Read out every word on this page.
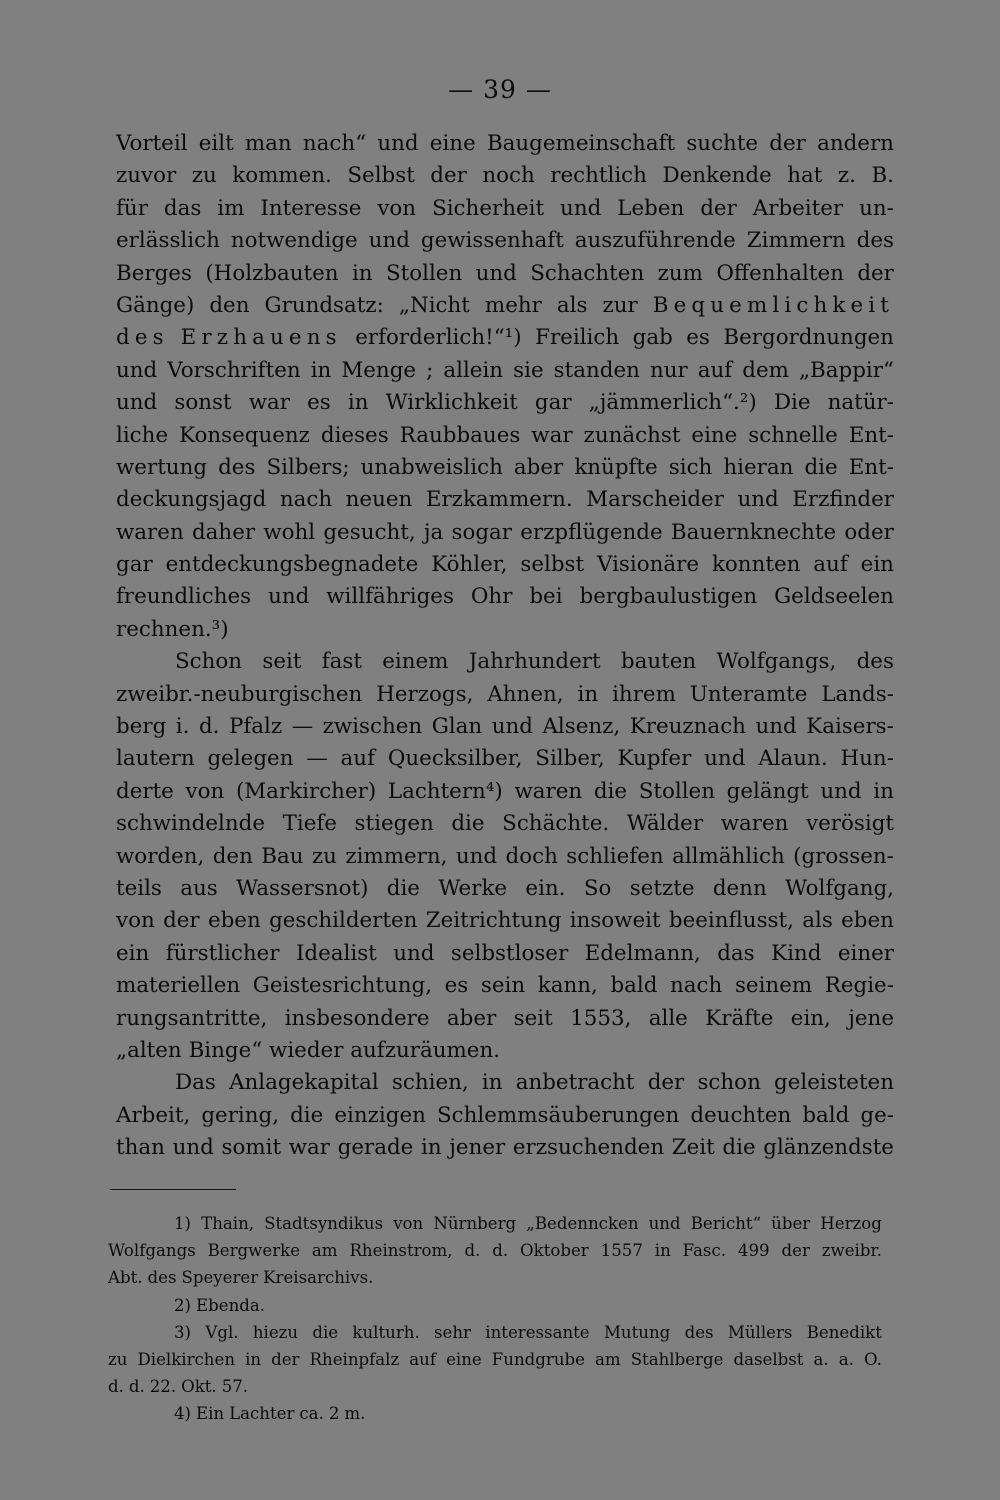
— 39 —
Vorteil eilt man nach“ und eine Baugemeinschaft suchte der andern
zuvor zu kommen. Selbst der noch rechtlich Denkende hat z. B.
für das im Interesse von Sicherheit und Leben der Arbeiter un-
erlässlich notwendige und gewissenhaft auszuführende Zimmern des
Berges (Holzbauten in Stollen und Schachten zum Offenhalten der
Gänge) den Grundsatz: „Nicht mehr als zur Bequemlichkeit
des Erzhauens erforderlich!“¹) Freilich gab es Bergordnungen
und Vorschriften in Menge ; allein sie standen nur auf dem „Bappir“
und sonst war es in Wirklichkeit gar „jämmerlich“.²) Die natür-
liche Konsequenz dieses Raubbaues war zunächst eine schnelle Ent-
wertung des Silbers; unabweislich aber knüpfte sich hieran die Ent-
deckungsjagd nach neuen Erzkammern. Marscheider und Erzfinder
waren daher wohl gesucht, ja sogar erzpflügende Bauernknechte oder
gar entdeckungsbegnadete Köhler, selbst Visionäre konnten auf ein
freundliches und willfähriges Ohr bei bergbaulustigen Geldseelen
rechnen.³)
Schon seit fast einem Jahrhundert bauten Wolfgangs, des
zweibr.-neuburgischen Herzogs, Ahnen, in ihrem Unteramte Lands-
berg i. d. Pfalz — zwischen Glan und Alsenz, Kreuznach und Kaisers-
lautern gelegen — auf Quecksilber, Silber, Kupfer und Alaun. Hun-
derte von (Markircher) Lachtern⁴) waren die Stollen gelängt und in
schwindelnde Tiefe stiegen die Schächte. Wälder waren verösigt
worden, den Bau zu zimmern, und doch schliefen allmählich (grossen-
teils aus Wassersnot) die Werke ein. So setzte denn Wolfgang,
von der eben geschilderten Zeitrichtung insoweit beeinflusst, als eben
ein fürstlicher Idealist und selbstloser Edelmann, das Kind einer
materiellen Geistesrichtung, es sein kann, bald nach seinem Regie-
rungsantritte, insbesondere aber seit 1553, alle Kräfte ein, jene
„alten Binge“ wieder aufzuräumen.
Das Anlagekapital schien, in anbetracht der schon geleisteten
Arbeit, gering, die einzigen Schlemmsäuberungen deuchten bald ge-
than und somit war gerade in jener erzsuchenden Zeit die glänzendste
1) Thain, Stadtsyndikus von Nürnberg „Bedenncken und Bericht“ über Herzog
Wolfgangs Bergwerke am Rheinstrom, d. d. Oktober 1557 in Fasc. 499 der zweibr.
Abt. des Speyerer Kreisarchivs.
2) Ebenda.
3) Vgl. hiezu die kulturh. sehr interessante Mutung des Müllers Benedikt
zu Dielkirchen in der Rheinpfalz auf eine Fundgrube am Stahlberge daselbst a. a. O.
d. d. 22. Okt. 57.
4) Ein Lachter ca. 2 m.
